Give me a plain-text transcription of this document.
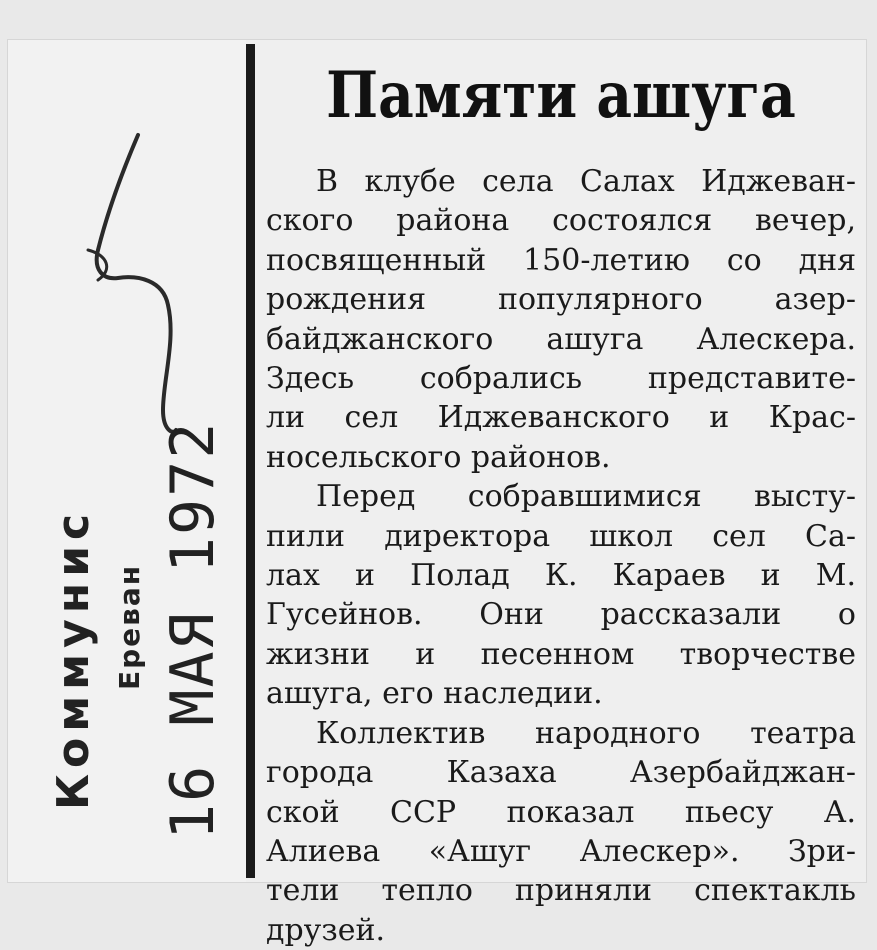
Коммунис Ереван 16 МАЯ 1972
Памяти ашуга
В клубе села Салах Иджеван-
ского района состоялся вечер,
посвященный 150-летию со дня
рождения популярного азер-
байджанского ашуга Алескера.
Здесь собрались представите-
ли сел Иджеванского и Крас-
носельского районов.
Перед собравшимися высту-
пили директора школ сел Са-
лах и Полад К. Караев и М.
Гусейнов. Они рассказали о
жизни и песенном творчестве
ашуга, его наследии.
Коллектив народного театра
города Казаха Азербайджан-
ской ССР показал пьесу А.
Алиева «Ашуг Алескер». Зри-
тели тепло приняли спектакль
друзей.
